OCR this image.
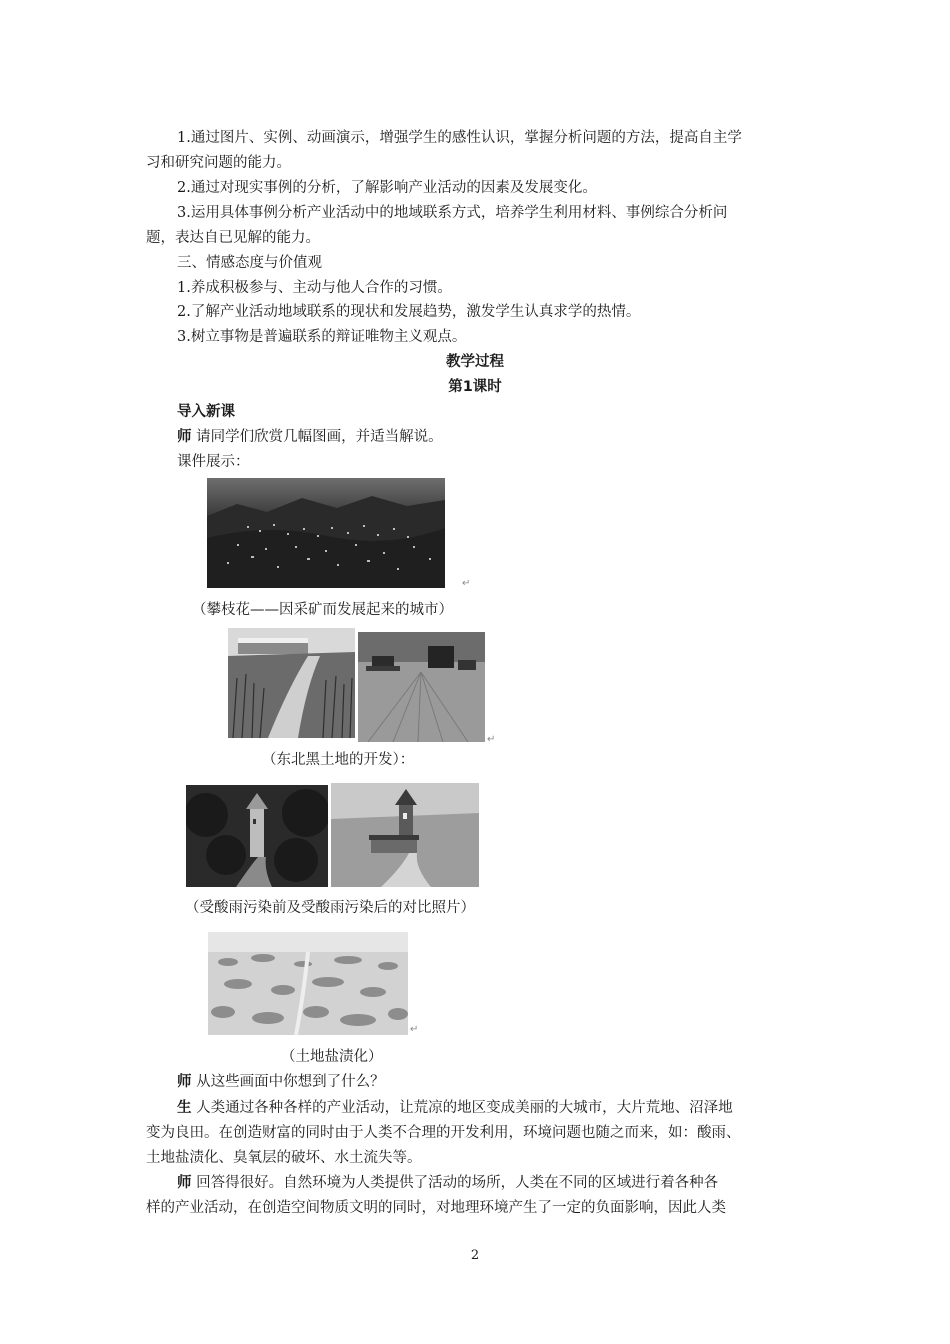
1.通过图片、实例、动画演示，增强学生的感性认识，掌握分析问题的方法，提高自主学
习和研究问题的能力。
2.通过对现实事例的分析，了解影响产业活动的因素及发展变化。
3.运用具体事例分析产业活动中的地域联系方式，培养学生利用材料、事例综合分析问
题，表达自已见解的能力。
三、情感态度与价值观
1.养成积极参与、主动与他人合作的习惯。
2.了解产业活动地域联系的现状和发展趋势，激发学生认真求学的热情。
3.树立事物是普遍联系的辩证唯物主义观点。
教学过程
第1课时
导入新课
师 请同学们欣赏几幅图画，并适当解说。
课件展示：
↵
（攀枝花——因采矿而发展起来的城市）
↵
（东北黑土地的开发）：
（受酸雨污染前及受酸雨污染后的对比照片）
↵
（土地盐渍化）
师 从这些画面中你想到了什么？
生 人类通过各种各样的产业活动，让荒凉的地区变成美丽的大城市，大片荒地、沼泽地
变为良田。在创造财富的同时由于人类不合理的开发利用，环境问题也随之而来，如：酸雨、
土地盐渍化、臭氧层的破坏、水土流失等。
师 回答得很好。自然环境为人类提供了活动的场所，人类在不同的区域进行着各种各
样的产业活动，在创造空间物质文明的同时，对地理环境产生了一定的负面影响，因此人类
2
